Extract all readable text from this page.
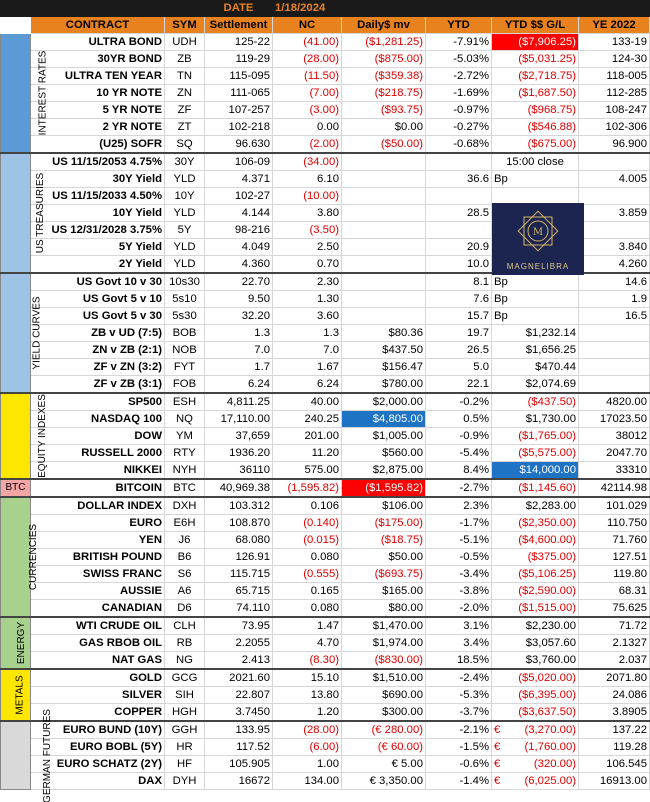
			DATE	1/18/2024				
	CONTRACT	SYM	Settlement	NC	Daily$ mv	YTD	YTD $$ G/L	YE 2022
INTEREST RATES	ULTRA BOND	UDH	125-22	(41.00)	($1,281.25)	-7.91%	($7,906.25)	133-19
	30YR BOND	ZB	119-29	(28.00)	($875.00)	-5.03%	($5,031.25)	124-30
	ULTRA TEN YEAR	TN	115-095	(11.50)	($359.38)	-2.72%	($2,718.75)	118-005
	10 YR NOTE	ZN	111-065	(7.00)	($218.75)	-1.69%	($1,687.50)	112-285
	5 YR NOTE	ZF	107-257	(3.00)	($93.75)	-0.97%	($968.75)	108-247
	2 YR NOTE	ZT	102-218	0.00	$0.00	-0.27%	($546.88)	102-306
	(U25) SOFR	SQ	96.630	(2.00)	($50.00)	-0.68%	($675.00)	96.900
US TREASURIES	US 11/15/2053 4.75%	30Y	106-09	(34.00)			15:00 close	
	30Y Yield	YLD	4.371	6.10		36.6	Bp	4.005
	US 11/15/2033 4.50%	10Y	102-27	(10.00)				
	10Y Yield	YLD	4.144	3.80		28.5		3.859
	US 12/31/2028 3.75%	5Y	98-216	(3.50)				
	5Y Yield	YLD	4.049	2.50		20.9		3.840
	2Y Yield	YLD	4.360	0.70		10.0		4.260
YIELD CURVES	US Govt 10 v 30	10s30	22.70	2.30		8.1	Bp	14.6
	US Govt 5 v 10	5s10	9.50	1.30		7.6	Bp	1.9
	US Govt 5 v 30	5s30	32.20	3.60		15.7	Bp	16.5
	ZB v UD (7:5)	BOB	1.3	1.3	$80.36	19.7	$1,232.14	
	ZN v ZB (2:1)	NOB	7.0	7.0	$437.50	26.5	$1,656.25	
	ZF v ZN (3:2)	FYT	1.7	1.67	$156.47	5.0	$470.44	
	ZF v ZB (3:1)	FOB	6.24	6.24	$780.00	22.1	$2,074.69	
EQUITY INDEXES	SP500	ESH	4,811.25	40.00	$2,000.00	-0.2%	($437.50)	4820.00
	NASDAQ 100	NQ	17,110.00	240.25	$4,805.00	0.5%	$1,730.00	17023.50
	DOW	YM	37,659	201.00	$1,005.00	-0.9%	($1,765.00)	38012
	RUSSELL 2000	RTY	1936.20	11.20	$560.00	-5.4%	($5,575.00)	2047.70
	NIKKEI	NYH	36110	575.00	$2,875.00	8.4%	$14,000.00	33310
BTC	BITCOIN	BTC	40,969.38	(1,595.82)	($1,595.82)	-2.7%	($1,145.60)	42114.98
CURRENCIES	DOLLAR INDEX	DXH	103.312	0.106	$106.00	2.3%	$2,283.00	101.029
	EURO	E6H	108.870	(0.140)	($175.00)	-1.7%	($2,350.00)	110.750
	YEN	J6	68.080	(0.015)	($18.75)	-5.1%	($4,600.00)	71.760
	BRITISH POUND	B6	126.91	0.080	$50.00	-0.5%	($375.00)	127.51
	SWISS FRANC	S6	115.715	(0.555)	($693.75)	-3.4%	($5,106.25)	119.80
	AUSSIE	A6	65.715	0.165	$165.00	-3.8%	($2,590.00)	68.31
	CANADIAN	D6	74.110	0.080	$80.00	-2.0%	($1,515.00)	75.625
ENERGY	WTI CRUDE OIL	CLH	73.95	1.47	$1,470.00	3.1%	$2,230.00	71.72
	GAS RBOB OIL	RB	2.2055	4.70	$1,974.00	3.4%	$3,057.60	2.1327
	NAT GAS	NG	2.413	(8.30)	($830.00)	18.5%	$3,760.00	2.037
METALS	GOLD	GCG	2021.60	15.10	$1,510.00	-2.4%	($5,020.00)	2071.80
	SILVER	SIH	22.807	13.80	$690.00	-5.3%	($6,395.00)	24.086
	COPPER	HGH	3.7450	1.20	$300.00	-3.7%	($3,637.50)	3.8905
GERMAN FUTURES	EURO BUND (10Y)	GGH	133.95	(28.00)	(€ 280.00)	-2.1%	€ (3,270.00)	137.22
	EURO BOBL (5Y)	HR	117.52	(6.00)	(€ 60.00)	-1.5%	€ (1,760.00)	119.28
	EURO SCHATZ (2Y)	HF	105.905	1.00	€ 5.00	-0.6%	€ (320.00)	106.545
	DAX	DYH	16672	134.00	€ 3,350.00	-1.4%	€ (6,025.00)	16913.00
M
MAGNELIBRA
